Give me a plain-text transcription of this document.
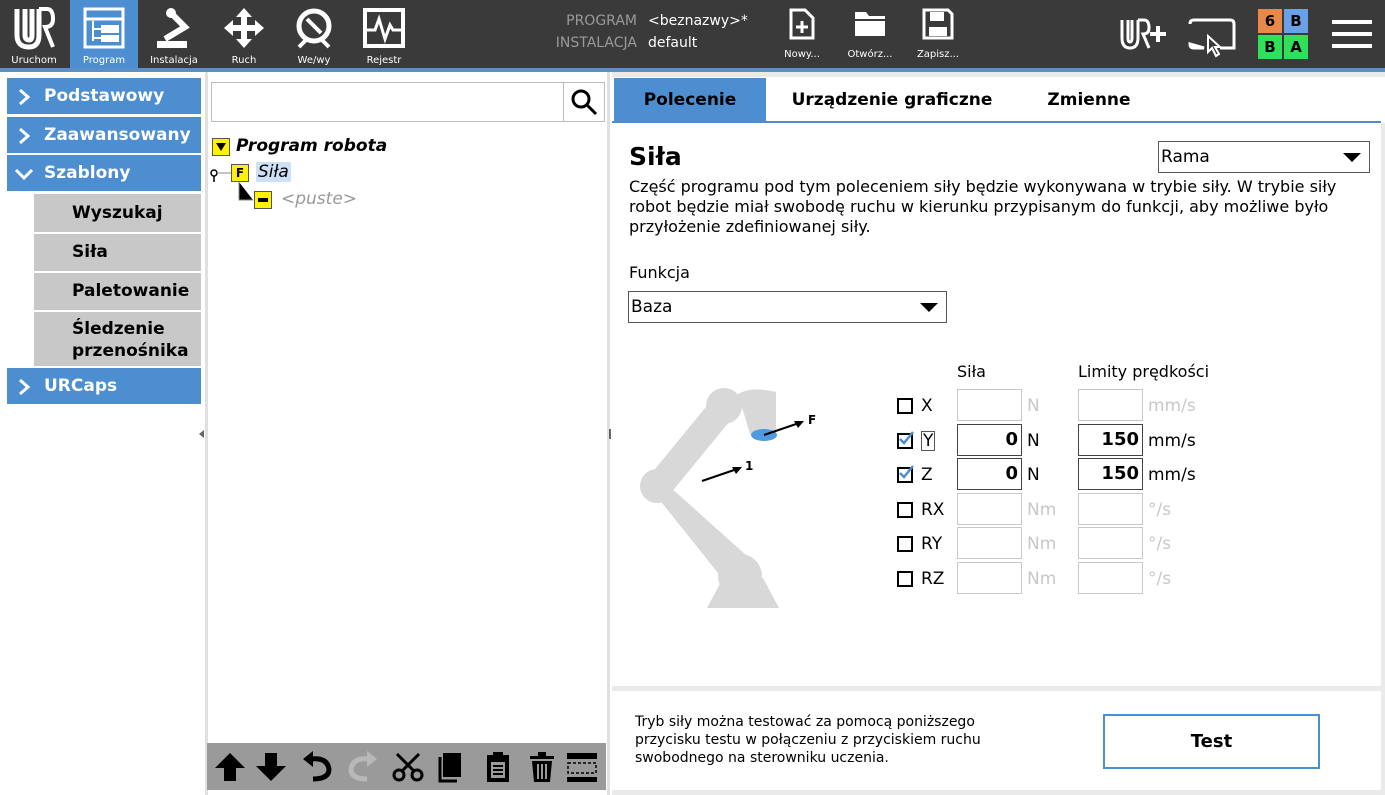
Uruchom	Program	Instalacja	Ruch	We/wy	Rejestr
PROGRAM
INSTALACJA
<beznazwy>*
default
Nowy...	Otwórz...	Zapisz...
6	B
B A
Podstawowy
Zaawansowany
Szablony
Wyszukaj
Siła
Paletowanie
Śledzenie przenośnika
URCaps
Program robota
F Siła
<puste>
Polecenie	Urządzenie graficzne	Zmienne
Siła	Rama
Część programu pod tym poleceniem siły będzie wykonywana w trybie siły. W trybie siły robot będzie miał swobodę ruchu w kierunku przypisanym do funkcji, aby możliwe było przyłożenie zdefiniowanej siły.
Funkcja
Baza
F
1
Siła	Limity prędkości
Tryb siły można testować za pomocą poniższego przycisku testu w połączeniu z przyciskiem ruchu swobodnego na sterowniku uczenia.
Test
X	N	mm/s
Y	0 N	150 mm/s
Z	0 N	150 mm/s
RX	Nm	°/s
RY	Nm	°/s
RZ	Nm	°/s
